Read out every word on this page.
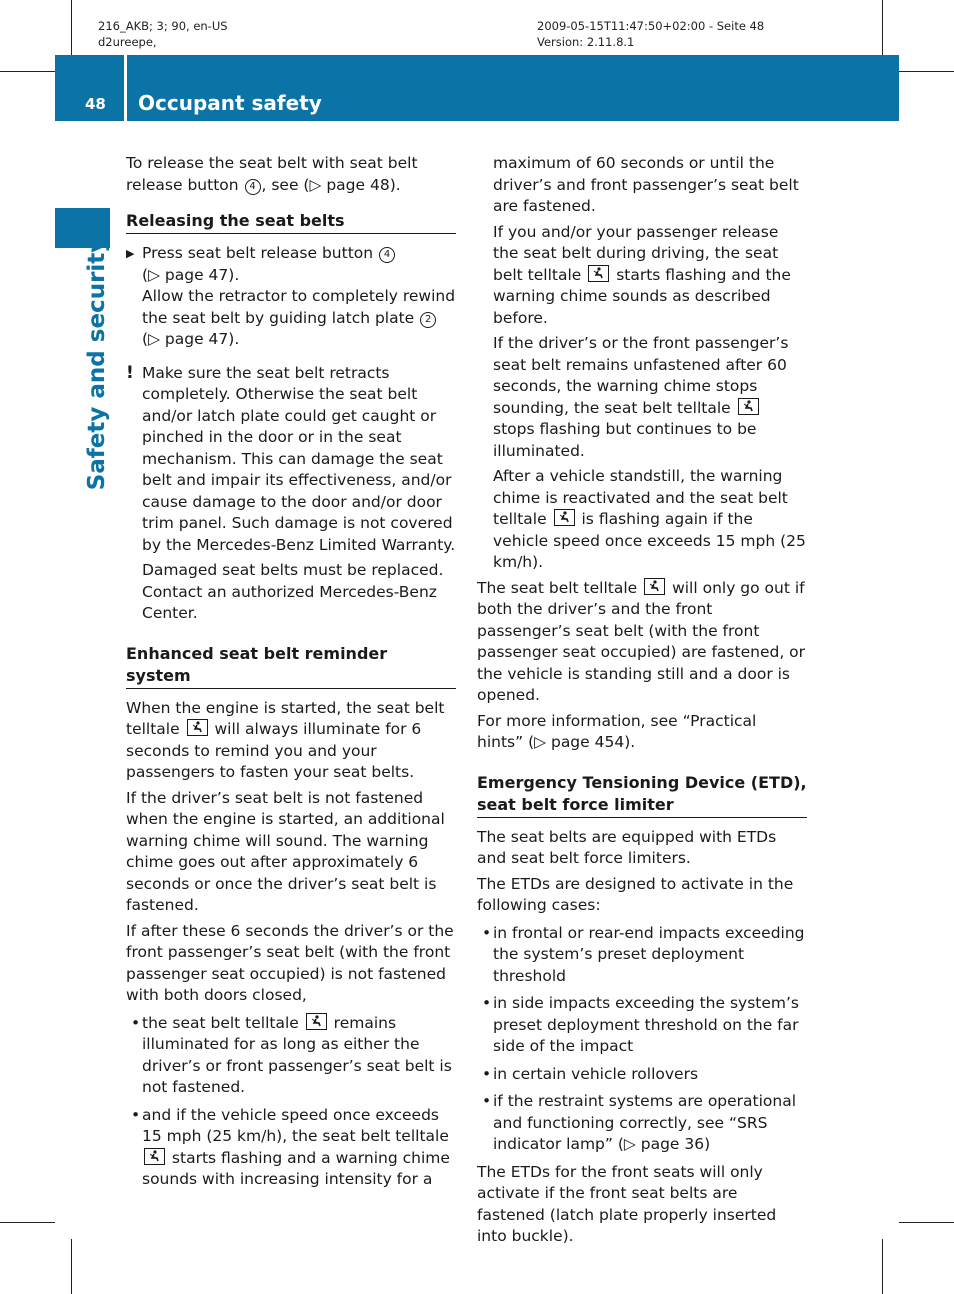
216_AKB; 3; 90, en-US
d2ureepe,
2009-05-15T11:47:50+02:00 - Seite 48
Version: 2.11.8.1
48 Occupant safety
Safety and security

To release the seat belt with seat belt release button 4 , see (▷ page 48).

Releasing the seat belts
▶ Press seat belt release button 4
(▷ page 47).
Allow the retractor to completely rewind the seat belt by guiding latch plate 2
(▷ page 47).
! Make sure the seat belt retracts completely. Otherwise the seat belt and/or latch plate could get caught or pinched in the door or in the seat mechanism. This can damage the seat belt and impair its effectiveness, and/or cause damage to the door and/or door trim panel. Such damage is not covered by the Mercedes-Benz Limited Warranty.

Damaged seat belts must be replaced. Contact an authorized Mercedes-Benz Center.

Enhanced seat belt reminder system

When the engine is started, the seat belt telltale
will always illuminate for 6 seconds to remind you and your passengers to fasten your seat belts.

If the driver’s seat belt is not fastened when the engine is started, an additional warning chime will sound. The warning chime goes out after approximately 6 seconds or once the driver’s seat belt is fastened.

If after these 6 seconds the driver’s or the front passenger’s seat belt (with the front passenger seat occupied) is not fastened with both doors closed,

• the seat belt telltale
remains illuminated for as long as either the driver’s or front passenger’s seat belt is not fastened.
• and if the vehicle speed once exceeds 15 mph (25 km/h), the seat belt telltale
starts flashing and a warning chime sounds with increasing intensity for a

maximum of 60 seconds or until the driver’s and front passenger’s seat belt are fastened.

If you and/or your passenger release the seat belt during driving, the seat belt telltale
starts flashing and the warning chime sounds as described before.

If the driver’s or the front passenger’s seat belt remains unfastened after 60 seconds, the warning chime stops sounding, the seat belt telltale
stops flashing but continues to be illuminated.

After a vehicle standstill, the warning chime is reactivated and the seat belt telltale
is flashing again if the vehicle speed once exceeds 15 mph (25 km/h).

The seat belt telltale
will only go out if both the driver’s and the front passenger’s seat belt (with the front passenger seat occupied) are fastened, or the vehicle is standing still and a door is opened.

For more information, see “Practical hints” (▷ page 454).

Emergency Tensioning Device (ETD), seat belt force limiter

The seat belts are equipped with ETDs and seat belt force limiters.

The ETDs are designed to activate in the following cases:

• in frontal or rear-end impacts exceeding the system’s preset deployment threshold
• in side impacts exceeding the system’s preset deployment threshold on the far side of the impact
• in certain vehicle rollovers
• if the restraint systems are operational and functioning correctly, see “SRS indicator lamp” (▷ page 36)

The ETDs for the front seats will only activate if the front seat belts are fastened (latch plate properly inserted into buckle).
